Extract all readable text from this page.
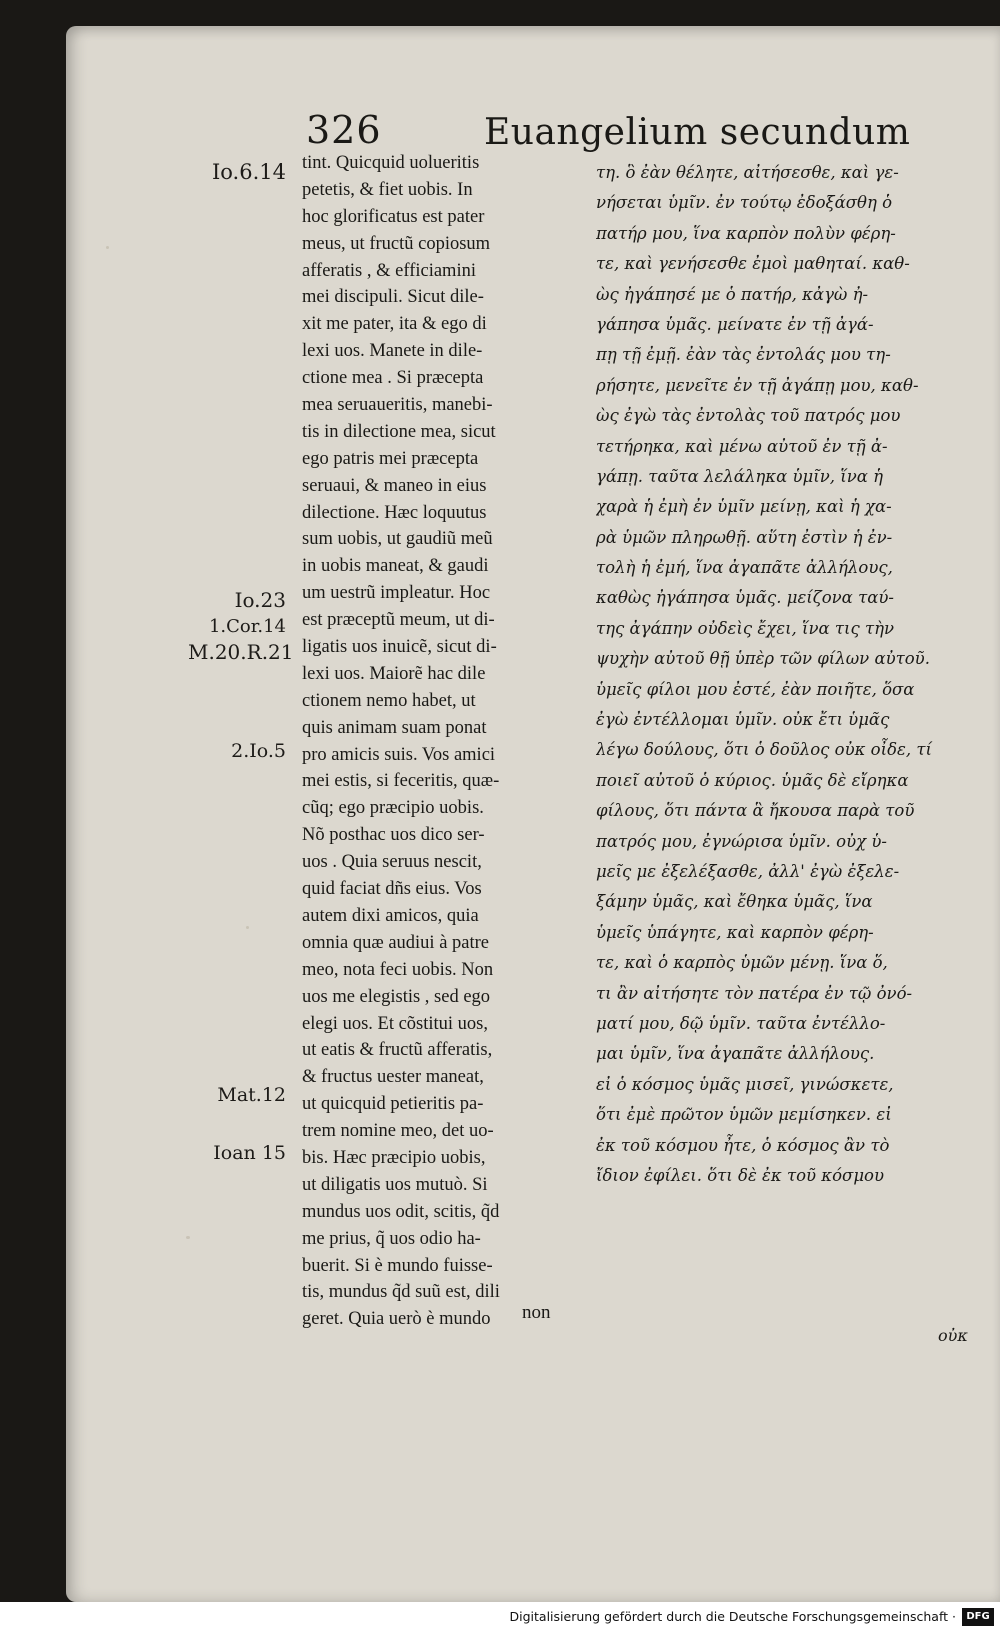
326	Euangelium secundum
Io.6.14
Io.23
1.Cor.14
M.20.R.21
2.Io.5
Mat.12
Ioan 15
tint. Quicquid uolueritis
petetis, & fiet uobis. In
hoc glorificatus est pater
meus, ut fructũ copiosum
afferatis , & efficiamini
mei discipuli. Sicut dile-
xit me pater, ita & ego di
lexi uos. Manete in dile-
ctione mea . Si præcepta
mea seruaueritis, manebi-
tis in dilectione mea, sicut
ego patris mei præcepta
seruaui, & maneo in eius
dilectione. Hæc loquutus
sum uobis, ut gaudiũ meũ
in uobis maneat, & gaudi
um uestrũ impleatur. Hoc
est præceptũ meum, ut di-
ligatis uos inuicẽ, sicut di-
lexi uos. Maiorẽ hac dile
ctionem nemo habet, ut
quis animam suam ponat
pro amicis suis. Vos amici
mei estis, si feceritis, quæ-
cũq; ego præcipio uobis.
Nõ posthac uos dico ser-
uos . Quia seruus nescit,
quid faciat dñs eius. Vos
autem dixi amicos, quia
omnia quæ audiui à patre
meo, nota feci uobis. Non
uos me elegistis , sed ego
elegi uos. Et cõstitui uos,
ut eatis & fructũ afferatis,
& fructus uester maneat,
ut quicquid petieritis pa-
trem nomine meo, det uo-
bis. Hæc præcipio uobis,
ut diligatis uos mutuò. Si
mundus uos odit, scitis, q̃d
me prius, q̃ uos odio ha-
buerit. Si è mundo fuisse-
tis, mundus q̃d suũ est, dili
geret. Quia uerò è mundo	non
τη. ὃ ἐὰν θέλητε, αἰτήσεσθε, καὶ γε-
νήσεται ὑμῖν. ἐν τούτῳ ἐδοξάσθη ὁ
πατήρ μου, ἵνα καρπὸν πολὺν φέρη-
τε, καὶ γενήσεσθε ἐμοὶ μαθηταί. καθ-
ὼς ἠγάπησέ με ὁ πατήρ, κἀγὼ ἠ-
γάπησα ὑμᾶς. μείνατε ἐν τῇ ἀγά-
πῃ τῇ ἐμῇ. ἐὰν τὰς ἐντολάς μου τη-
ρήσητε, μενεῖτε ἐν τῇ ἀγάπῃ μου, καθ-
ὼς ἐγὼ τὰς ἐντολὰς τοῦ πατρός μου
τετήρηκα, καὶ μένω αὐτοῦ ἐν τῇ ἀ-
γάπῃ. ταῦτα λελάληκα ὑμῖν, ἵνα ἡ
χαρὰ ἡ ἐμὴ ἐν ὑμῖν μείνῃ, καὶ ἡ χα-
ρὰ ὑμῶν πληρωθῇ. αὕτη ἐστὶν ἡ ἐν-
τολὴ ἡ ἐμή, ἵνα ἀγαπᾶτε ἀλλήλους,
καθὼς ἠγάπησα ὑμᾶς. μείζονα ταύ-
της ἀγάπην οὐδεὶς ἔχει, ἵνα τις τὴν
ψυχὴν αὐτοῦ θῇ ὑπὲρ τῶν φίλων αὐτοῦ.
ὑμεῖς φίλοι μου ἐστέ, ἐὰν ποιῆτε, ὅσα
ἐγὼ ἐντέλλομαι ὑμῖν. οὐκ ἔτι ὑμᾶς
λέγω δούλους, ὅτι ὁ δοῦλος οὐκ οἶδε, τί
ποιεῖ αὐτοῦ ὁ κύριος. ὑμᾶς δὲ εἴρηκα
φίλους, ὅτι πάντα ἃ ἤκουσα παρὰ τοῦ
πατρός μου, ἐγνώρισα ὑμῖν. οὐχ ὑ-
μεῖς με ἐξελέξασθε, ἀλλ' ἐγὼ ἐξελε-
ξάμην ὑμᾶς, καὶ ἔθηκα ὑμᾶς, ἵνα
ὑμεῖς ὑπάγητε, καὶ καρπὸν φέρη-
τε, καὶ ὁ καρπὸς ὑμῶν μένῃ. ἵνα ὅ,
τι ἂν αἰτήσητε τὸν πατέρα ἐν τῷ ὀνό-
ματί μου, δῷ ὑμῖν. ταῦτα ἐντέλλο-
μαι ὑμῖν, ἵνα ἀγαπᾶτε ἀλλήλους.
εἰ ὁ κόσμος ὑμᾶς μισεῖ, γινώσκετε,
ὅτι ἐμὲ πρῶτον ὑμῶν μεμίσηκεν. εἰ
ἐκ τοῦ κόσμου ἦτε, ὁ κόσμος ἂν τὸ
ἴδιον ἐφίλει. ὅτι δὲ ἐκ τοῦ κόσμου
οὐκ
Digitalisierung gefördert durch die Deutsche Forschungsgemeinschaft ·	DFG
